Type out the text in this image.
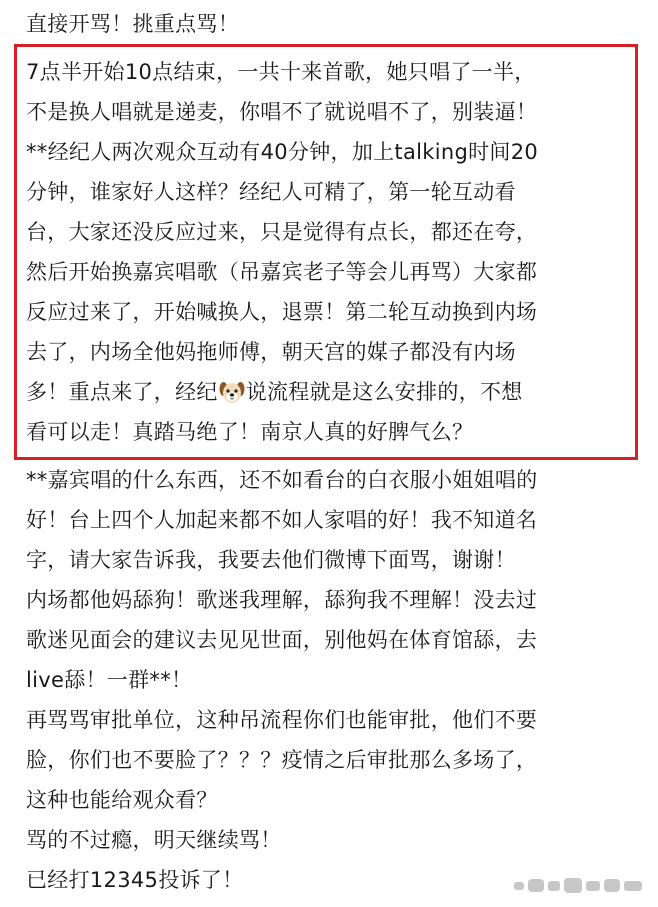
直接开骂！挑重点骂！
7点半开始10点结束，一共十来首歌，她只唱了一半，
不是换人唱就是递麦，你唱不了就说唱不了，别装逼！
**经纪人两次观众互动有40分钟，加上talking时间20
分钟，谁家好人这样？经纪人可精了，第一轮互动看
台，大家还没反应过来，只是觉得有点长，都还在夸，
然后开始换嘉宾唱歌（吊嘉宾老子等会儿再骂）大家都
反应过来了，开始喊换人，退票！第二轮互动换到内场
去了，内场全他妈拖师傅，朝天宫的媒子都没有内场
多！重点来了，经纪 说流程就是这么安排的，不想
看可以走！真踏马绝了！南京人真的好脾气么？
**嘉宾唱的什么东西，还不如看台的白衣服小姐姐唱的
好！台上四个人加起来都不如人家唱的好！我不知道名
字，请大家告诉我，我要去他们微博下面骂，谢谢！
内场都他妈舔狗！歌迷我理解，舔狗我不理解！没去过
歌迷见面会的建议去见见世面，别他妈在体育馆舔，去
live舔！一群**！
再骂骂审批单位，这种吊流程你们也能审批，他们不要
脸，你们也不要脸了？？？疫情之后审批那么多场了，
这种也能给观众看？
骂的不过瘾，明天继续骂！
已经打12345投诉了！
